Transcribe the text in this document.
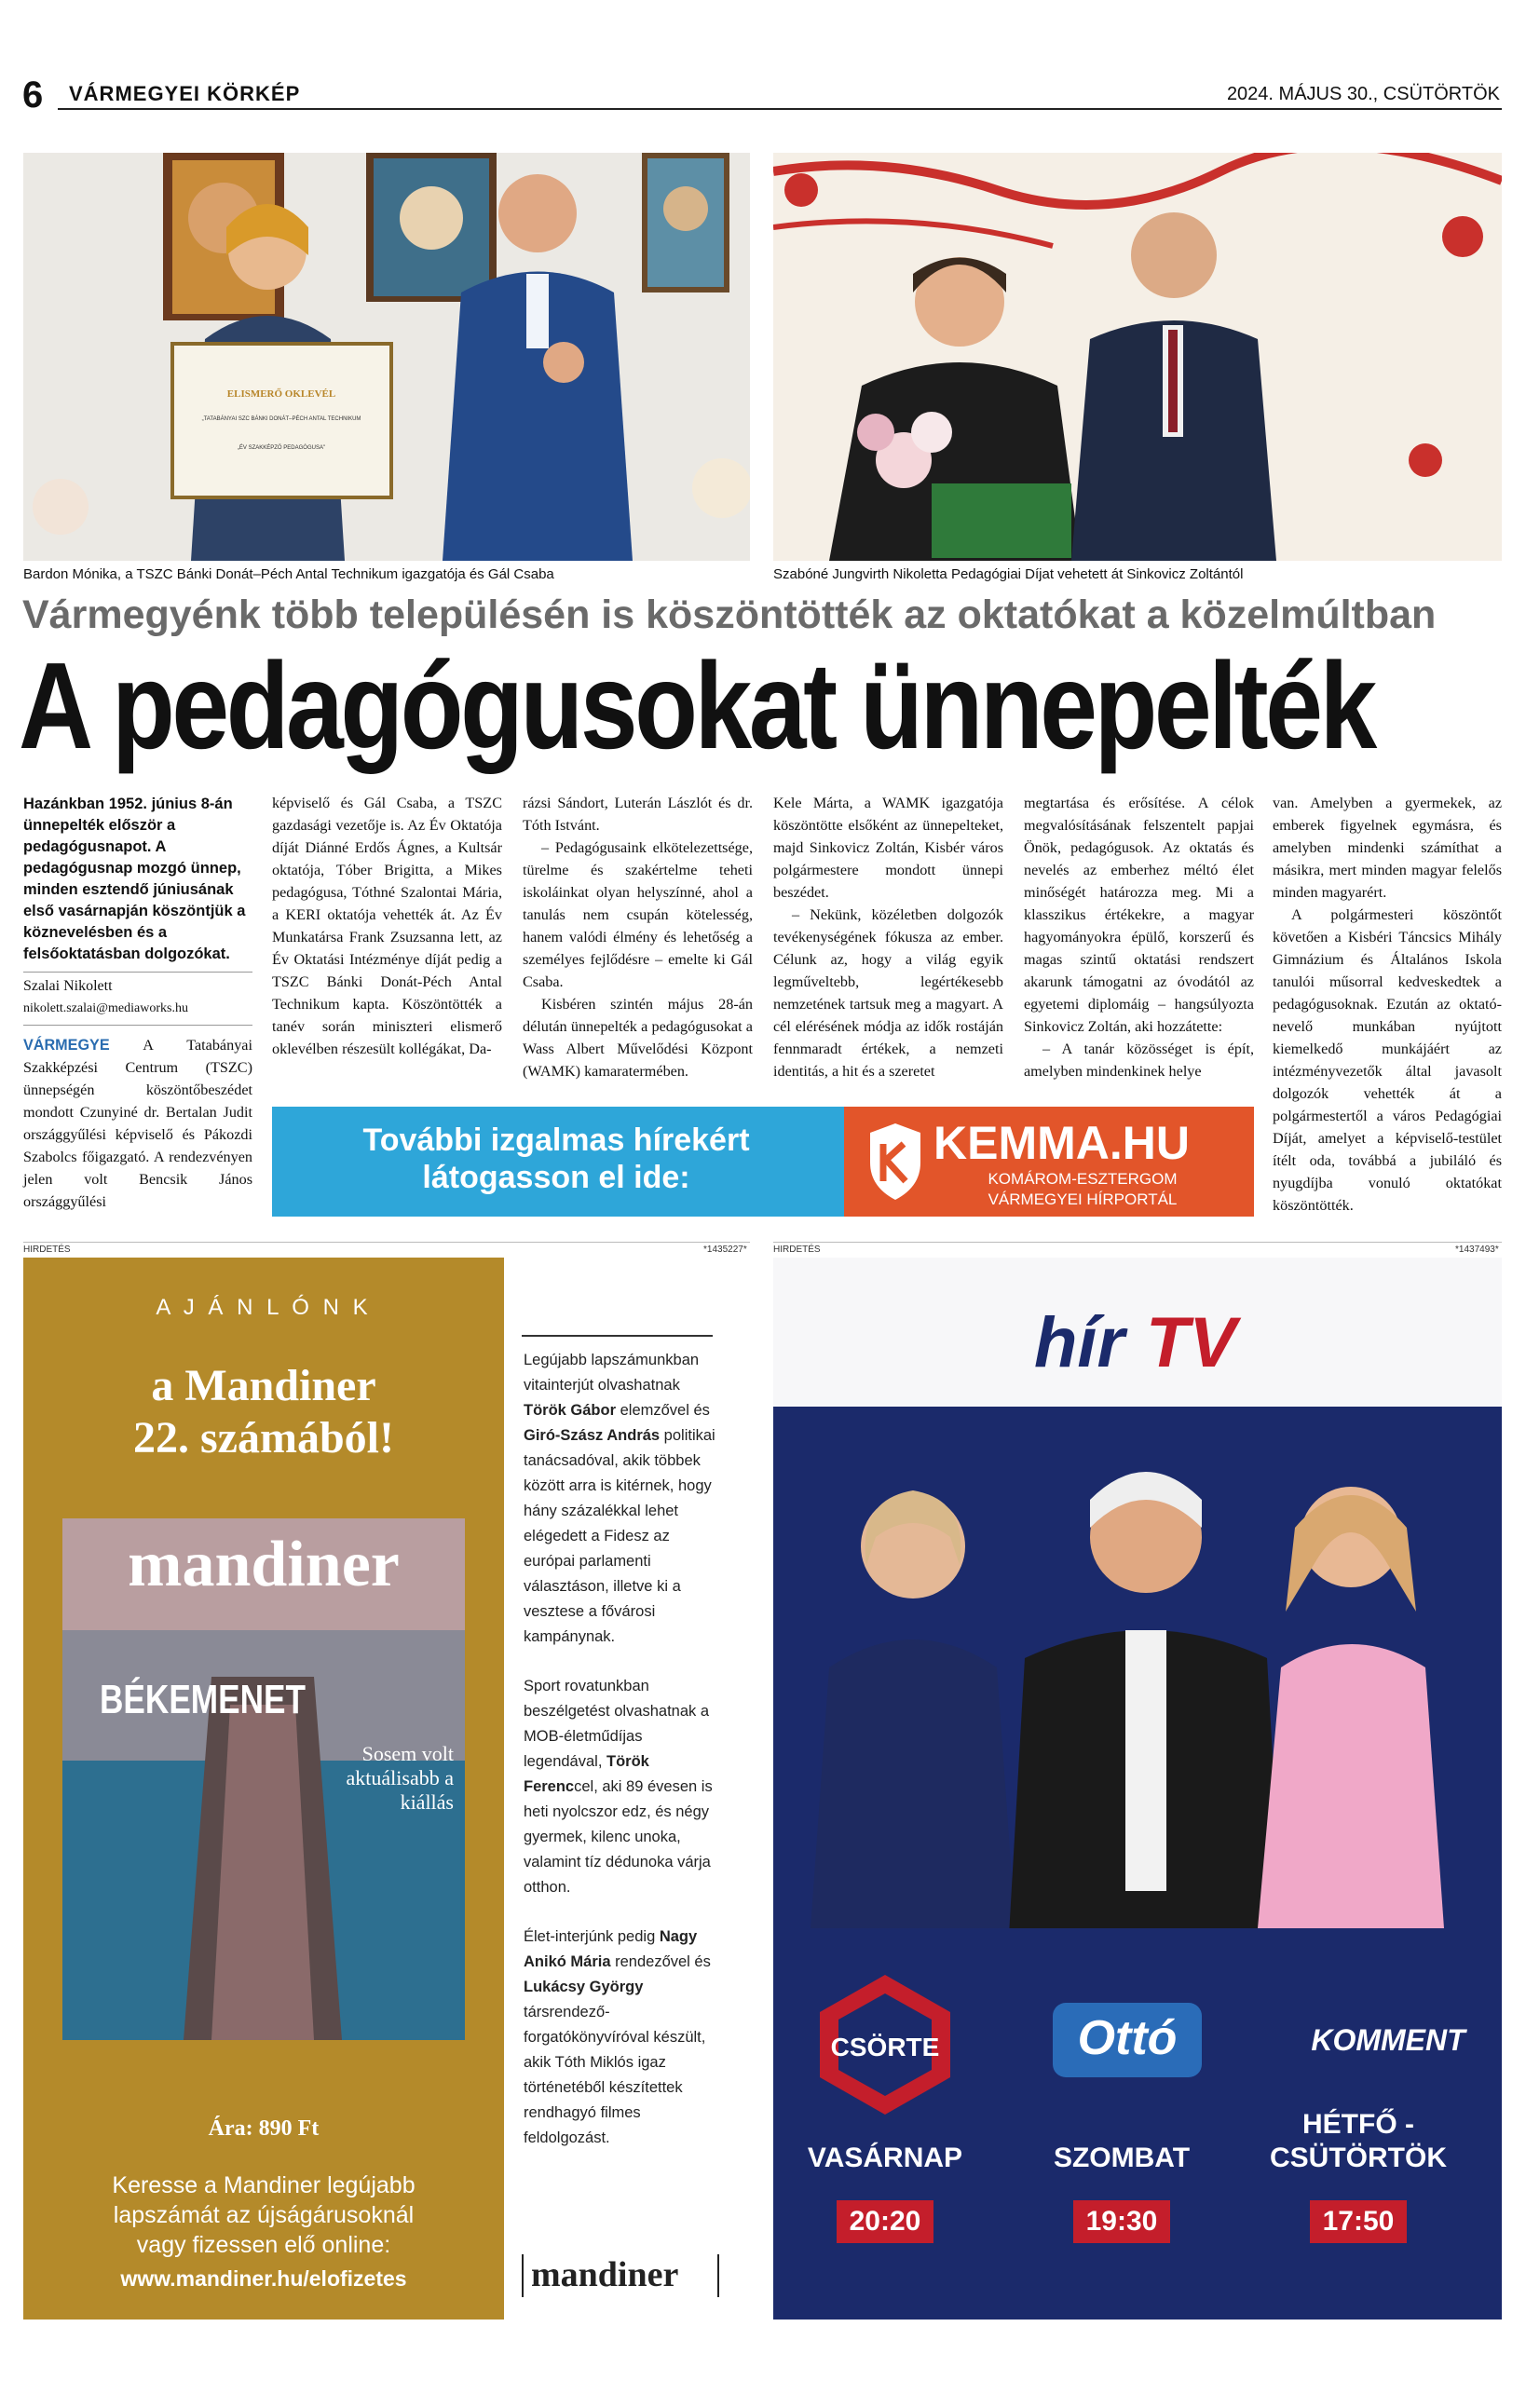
6 VÁRMEGYEI KÖRKÉP	2024. MÁJUS 30., CSÜTÖRTÖK
ELISMERŐ OKLEVÉL
„TATABÁNYAI SZC BÁNKI DONÁT–PÉCH ANTAL TECHNIKUM
„ÉV SZAKKÉPZŐ PEDAGÓGUSA"
Bardon Mónika, a TSZC Bánki Donát–Péch Antal Technikum igazgatója és Gál Csaba	Szabóné Jungvirth Nikoletta Pedagógiai Díjat vehetett át Sinkovicz Zoltántól
Vármegyénk több településén is köszöntötték az oktatókat a közelmúltban
A pedagógusokat ünnepelték
Hazánkban 1952. június 8-án ünnepelték először a pedagógusnapot. A pedagógusnap mozgó ünnep, minden esztendő júniusának első vasárnapján köszöntjük a köznevelésben és a felsőoktatásban dolgozókat.
Szalai Nikolett
nikolett.szalai@mediaworks.hu

VÁRMEGYE A Tatabányai Szakképzési Centrum (TSZC) ünnepségén köszöntőbeszédet mondott Czunyiné dr. Bertalan Judit országgyűlési képviselő és Pákozdi Szabolcs főigazgató. A rendezvényen jelen volt Bencsik János országgyűlési

képviselő és Gál Csaba, a TSZC gazdasági vezetője is. Az Év Oktatója díját Diánné Erdős Ágnes, a Kultsár oktatója, Tóber Brigitta, a Mikes pedagógusa, Tóthné Szalontai Mária, a KERI oktatója vehették át. Az Év Munkatársa Frank Zsuzsanna lett, az Év Oktatási Intézménye díját pedig a TSZC Bánki Donát-Péch Antal Technikum kapta. Köszöntötték a tanév során miniszteri elismerő oklevélben részesült kollégákat, Da-

rázsi Sándort, Luterán Lászlót és dr. Tóth Istvánt.

– Pedagógusaink elkötelezettsége, türelme és szakértelme teheti iskoláinkat olyan helyszínné, ahol a tanulás nem csupán kötelesség, hanem valódi élmény és lehetőség a személyes fejlődésre – emelte ki Gál Csaba.

Kisbéren szintén május 28-án délután ünnepelték a pedagógusokat a Wass Albert Művelődési Központ (WAMK) kamaratermében.

Kele Márta, a WAMK igazgatója köszöntötte elsőként az ünnepelteket, majd Sinkovicz Zoltán, Kisbér város polgármestere mondott ünnepi beszédet.

– Nekünk, közéletben dolgozók tevékenységének fókusza az ember. Célunk az, hogy a világ egyik legműveltebb, legértékesebb nemzetének tartsuk meg a magyart. A cél elérésének módja az idők rostáján fennmaradt értékek, a nemzeti identitás, a hit és a szeretet

megtartása és erősítése. A célok megvalósításának felszentelt papjai Önök, pedagógusok. Az oktatás és nevelés az emberhez méltó élet minőségét határozza meg. Mi a klasszikus értékekre, a magyar hagyományokra épülő, korszerű és magas szintű oktatási rendszert akarunk támogatni az óvodától az egyetemi diplomáig – hangsúlyozta Sinkovicz Zoltán, aki hozzátette:

– A tanár közösséget is épít, amelyben mindenkinek helye

van. Amelyben a gyermekek, az emberek figyelnek egymásra, és amelyben mindenki számíthat a másikra, mert minden magyar felelős minden magyarért.

A polgármesteri köszöntőt követően a Kisbéri Táncsics Mihály Gimnázium és Általános Iskola tanulói műsorral kedveskedtek a pedagógusoknak. Ezután az oktató-nevelő munkában nyújtott kiemelkedő munkájáért az intézményvezetők által javasolt dolgozók vehették át a polgármestertől a város Pedagógiai Díját, amelyet a képviselő-testület ítélt oda, továbbá a jubiláló és nyugdíjba vonuló oktatókat köszöntötték.

További izgalmas hírekért
látogasson el ide:
KEMMA.HU
KOMÁROM-ESZTERGOM
VÁRMEGYEI HÍRPORTÁL
HIRDETÉS	*1435227*	HIRDETÉS	*1437493*
A J Á N L Ó N K
a Mandiner
22. számából!
mandiner
BÉKEMENET
Sosem volt aktuálisabb a kiállás
Ára: 890 Ft
Keresse a Mandiner legújabb
lapszámát az újságárusoknál
vagy fizessen elő online:
www.mandiner.hu/elofizetes

Legújabb lapszámunkban vitainterjút olvashatnak Török Gábor elemzővel és Giró-Szász András politikai tanácsadóval, akik többek között arra is kitérnek, hogy hány százalékkal lehet elégedett a Fidesz az európai parlamenti választáson, illetve ki a vesztese a fővárosi kampánynak.

Sport rovatunkban beszélgetést olvashatnak a MOB-életműdíjas legendával, Török Ferenccel, aki 89 évesen is heti nyolcszor edz, és négy gyermek, kilenc unoka, valamint tíz dédunoka várja otthon.

Élet-interjúnk pedig Nagy Anikó Mária rendezővel és Lukácsy György társrendező-forgatókönyvíróval készült, akik Tóth Miklós igaz történetéből készítettek rendhagyó filmes feldolgozást.

mandiner
hír TV
CSÖRTE	Ottó	KOMMENT
VASÁRNAP	SZOMBAT
HÉTFŐ -
CSÜTÖRTÖK
20:20	19:30	17:50
